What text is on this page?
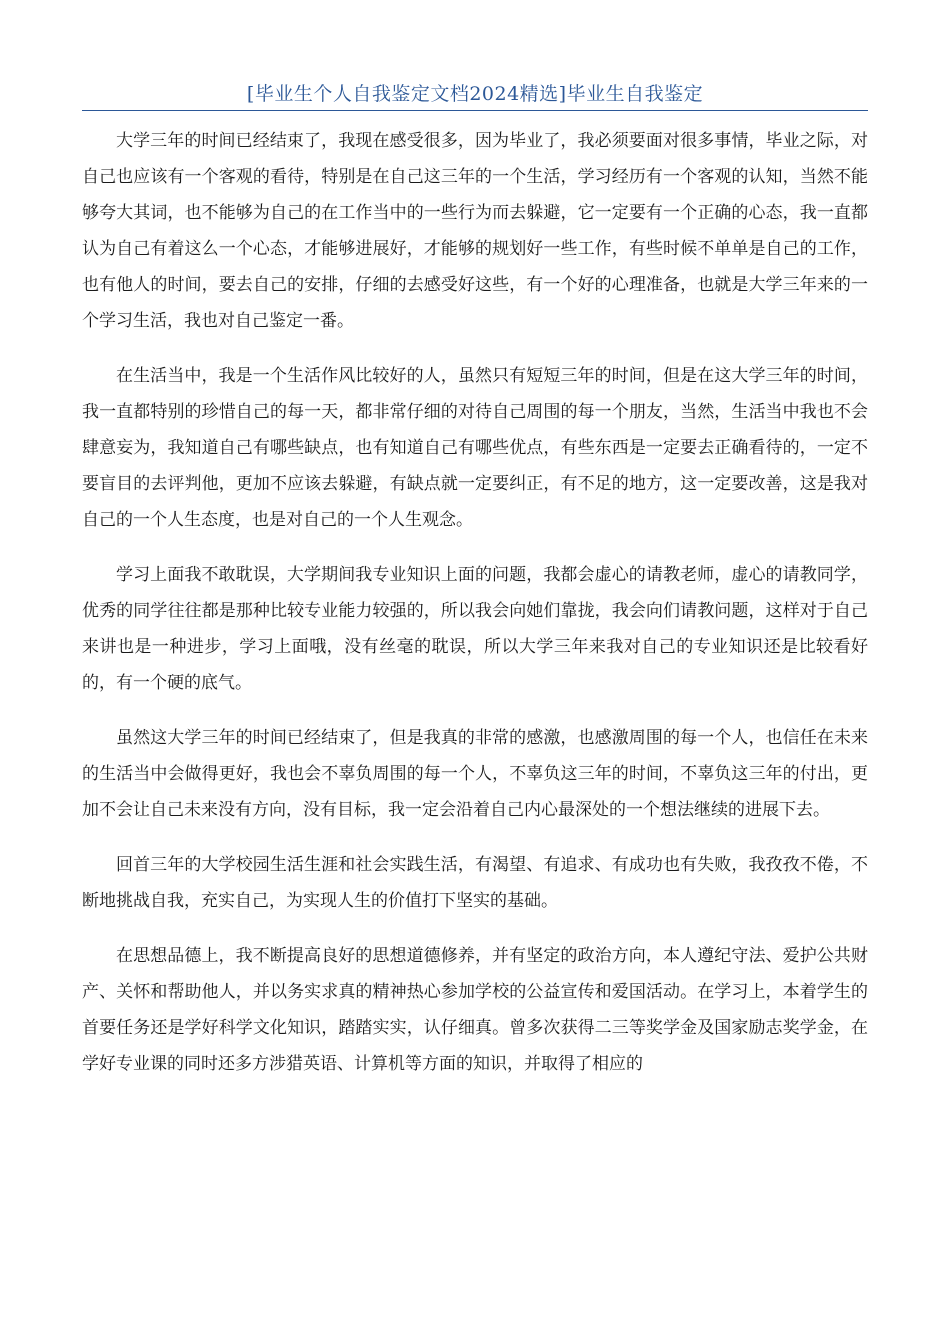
[毕业生个人自我鉴定文档2024精选]毕业生自我鉴定

大学三年的时间已经结束了，我现在感受很多，因为毕业了，我必须要面对很多事情，毕业之际，对自己也应该有一个客观的看待，特别是在自己这三年的一个生活，学习经历有一个客观的认知，当然不能够夸大其词，也不能够为自己的在工作当中的一些行为而去躲避，它一定要有一个正确的心态，我一直都认为自己有着这么一个心态，才能够进展好，才能够的规划好一些工作，有些时候不单单是自己的工作，也有他人的时间，要去自己的安排，仔细的去感受好这些，有一个好的心理准备，也就是大学三年来的一个学习生活，我也对自己鉴定一番。

在生活当中，我是一个生活作风比较好的人，虽然只有短短三年的时间，但是在这大学三年的时间，我一直都特别的珍惜自己的每一天，都非常仔细的对待自己周围的每一个朋友，当然，生活当中我也不会肆意妄为，我知道自己有哪些缺点，也有知道自己有哪些优点，有些东西是一定要去正确看待的，一定不要盲目的去评判他，更加不应该去躲避，有缺点就一定要纠正，有不足的地方，这一定要改善，这是我对自己的一个人生态度，也是对自己的一个人生观念。

学习上面我不敢耽误，大学期间我专业知识上面的问题，我都会虚心的请教老师，虚心的请教同学，优秀的同学往往都是那种比较专业能力较强的，所以我会向她们靠拢，我会向们请教问题，这样对于自己来讲也是一种进步，学习上面哦，没有丝毫的耽误，所以大学三年来我对自己的专业知识还是比较看好的，有一个硬的底气。

虽然这大学三年的时间已经结束了，但是我真的非常的感激，也感激周围的每一个人，也信任在未来的生活当中会做得更好，我也会不辜负周围的每一个人，不辜负这三年的时间，不辜负这三年的付出，更加不会让自己未来没有方向，没有目标，我一定会沿着自己内心最深处的一个想法继续的进展下去。

回首三年的大学校园生活生涯和社会实践生活，有渴望、有追求、有成功也有失败，我孜孜不倦，不断地挑战自我，充实自己，为实现人生的价值打下坚实的基础。

在思想品德上，我不断提高良好的思想道德修养，并有坚定的政治方向，本人遵纪守法、爱护公共财产、关怀和帮助他人，并以务实求真的精神热心参加学校的公益宣传和爱国活动。在学习上，本着学生的首要任务还是学好科学文化知识，踏踏实实，认仔细真。曾多次获得二三等奖学金及国家励志奖学金，在学好专业课的同时还多方涉猎英语、计算机等方面的知识，并取得了相应的
